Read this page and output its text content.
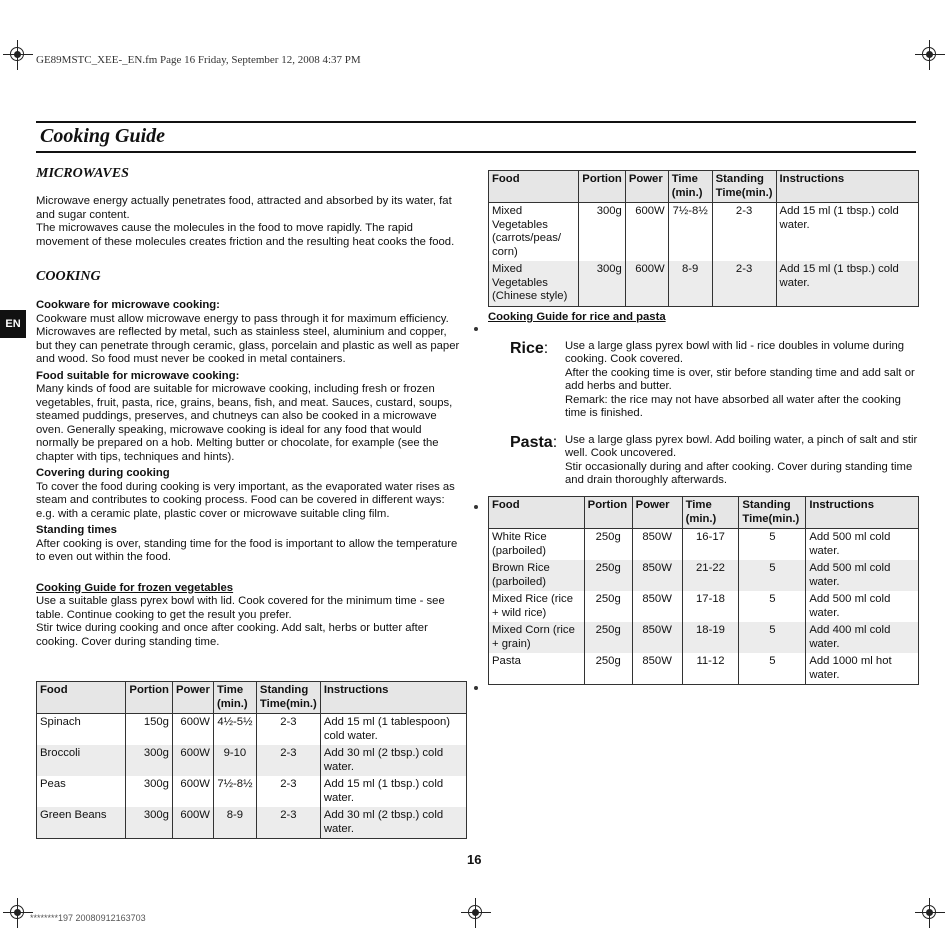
GE89MSTC_XEE-_EN.fm Page 16 Friday, September 12, 2008 4:37 PM
Cooking Guide
EN
MICROWAVES

Microwave energy actually penetrates food, attracted and absorbed by its water, fat and sugar content.

The microwaves cause the molecules in the food to move rapidly. The rapid movement of these molecules creates friction and the resulting heat cooks the food.

COOKING

Cookware for microwave cooking:

Cookware must allow microwave energy to pass through it for maximum efficiency. Microwaves are reflected by metal, such as stainless steel, aluminium and copper, but they can penetrate through ceramic, glass, porcelain and plastic as well as paper and wood. So food must never be cooked in metal containers.

Food suitable for microwave cooking:

Many kinds of food are suitable for microwave cooking, including fresh or frozen vegetables, fruit, pasta, rice, grains, beans, fish, and meat. Sauces, custard, soups, steamed puddings, preserves, and chutneys can also be cooked in a microwave oven. Generally speaking, microwave cooking is ideal for any food that would normally be prepared on a hob. Melting butter or chocolate, for example (see the chapter with tips, techniques and hints).

Covering during cooking

To cover the food during cooking is very important, as the evaporated water rises as steam and contributes to cooking process. Food can be covered in different ways: e.g. with a ceramic plate, plastic cover or microwave suitable cling film.

Standing times

After cooking is over, standing time for the food is important to allow the temperature to even out within the food.

Cooking Guide for frozen vegetables

Use a suitable glass pyrex bowl with lid. Cook covered for the minimum time - see table. Continue cooking to get the result you prefer.

Stir twice during cooking and once after cooking. Add salt, herbs or butter after cooking. Cover during standing time.

Food	Portion	Power	Time (min.)	Standing Time(min.)	Instructions
Spinach	150g	600W	4½-5½	2-3	Add 15 ml (1 tablespoon) cold water.
Broccoli	300g	600W	9-10	2-3	Add 30 ml (2 tbsp.) cold water.
Peas	300g	600W	7½-8½	2-3	Add 15 ml (1 tbsp.) cold water.
Green Beans	300g	600W	8-9	2-3	Add 30 ml (2 tbsp.) cold water.
Food	Portion	Power	Time (min.)	Standing Time(min.)	Instructions
Mixed Vegetables (carrots/peas/ corn)	300g	600W	7½-8½	2-3	Add 15 ml (1 tbsp.) cold water.
Mixed Vegetables (Chinese style)	300g	600W	8-9	2-3	Add 15 ml (1 tbsp.) cold water.

Cooking Guide for rice and pasta

Rice:	Use a large glass pyrex bowl with lid - rice doubles in volume during cooking. Cook covered.

After the cooking time is over, stir before standing time and add salt or add herbs and butter.

Remark: the rice may not have absorbed all water after the cooking time is finished.

Pasta: Use a large glass pyrex bowl. Add boiling water, a pinch of salt and stir well. Cook uncovered.

Stir occasionally during and after cooking. Cover during standing time and drain thoroughly afterwards.

Food	Portion	Power	Time (min.)	Standing Time(min.)	Instructions
White Rice (parboiled)	250g	850W	16-17	5	Add 500 ml cold water.
Brown Rice (parboiled)	250g	850W	21-22	5	Add 500 ml cold water.
Mixed Rice (rice + wild rice)	250g	850W	17-18	5	Add 500 ml cold water.
Mixed Corn (rice + grain)	250g	850W	18-19	5	Add 400 ml cold water.
Pasta	250g	850W	11-12	5	Add 1000 ml hot water.
16
********197 20080912163703
